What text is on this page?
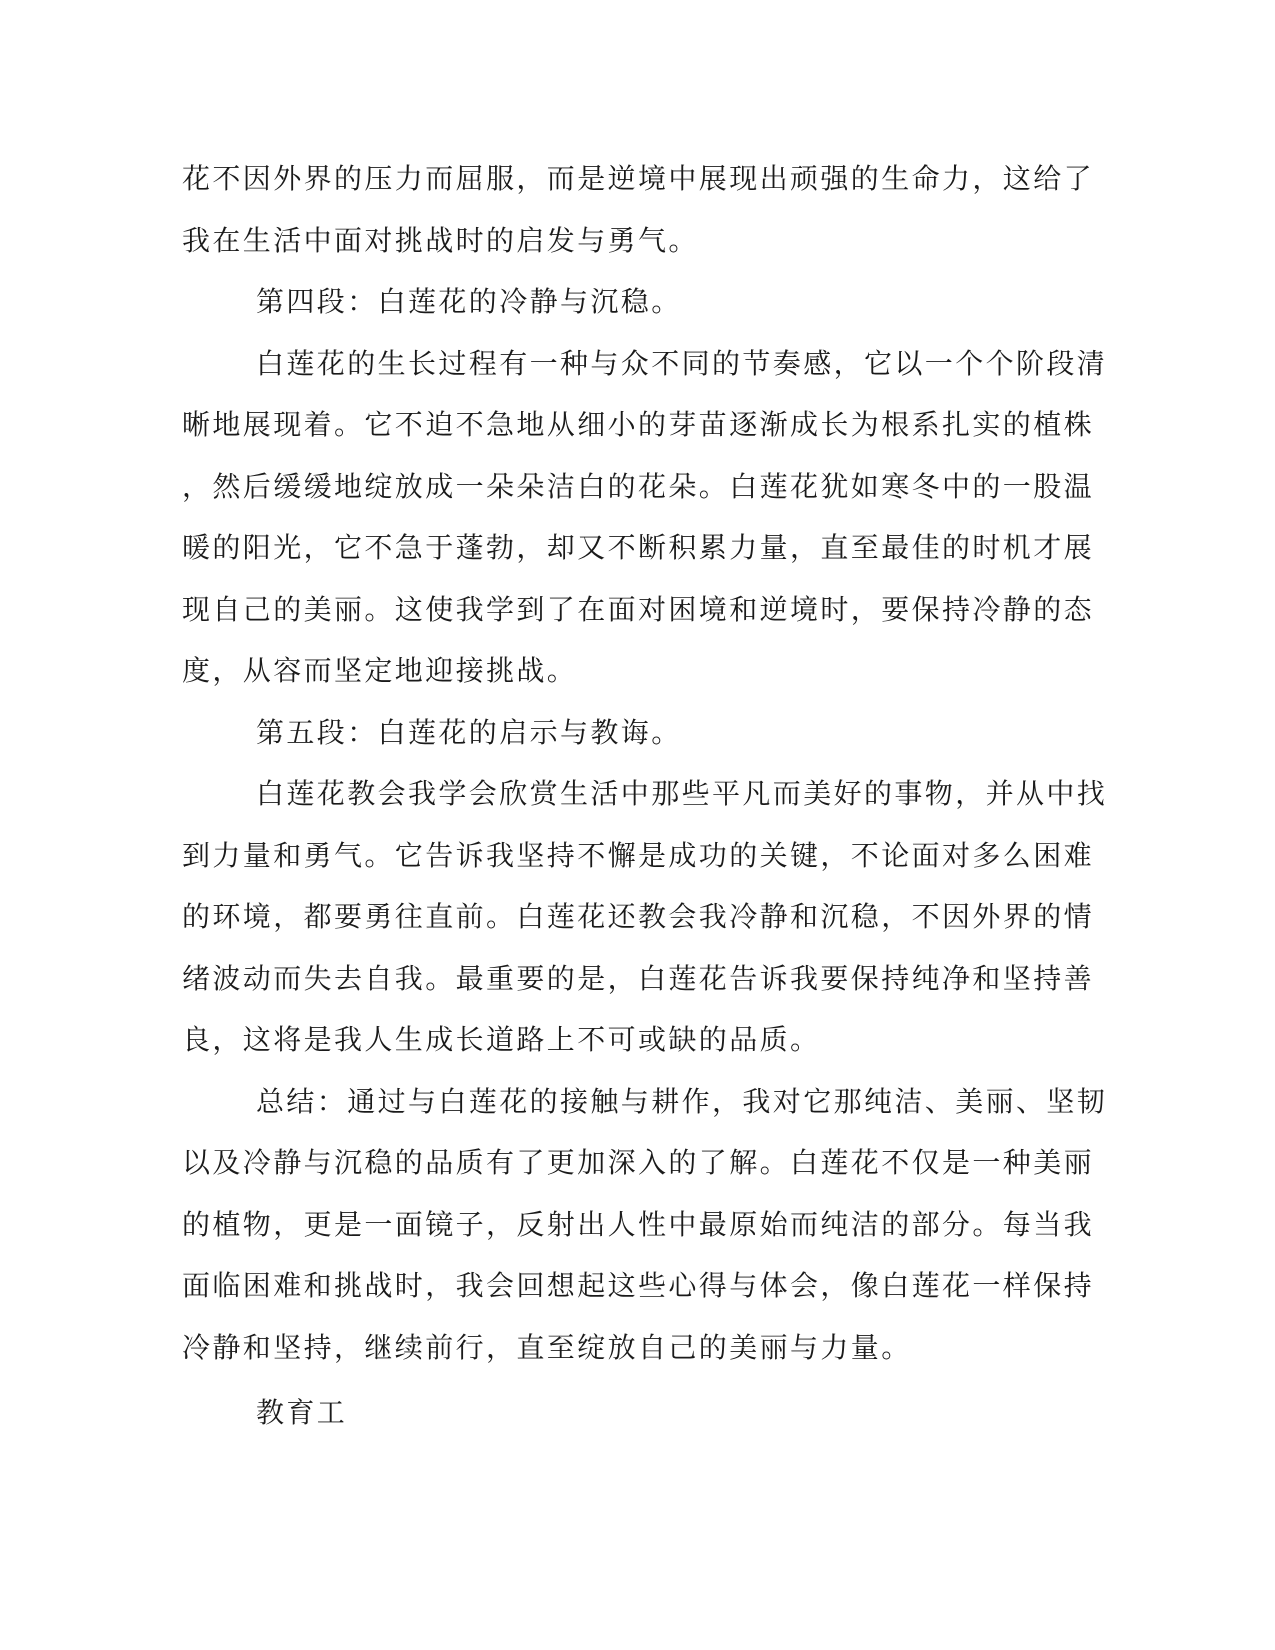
花不因外界的压力而屈服，而是逆境中展现出顽强的生命力，这给了
我在生活中面对挑战时的启发与勇气。
第四段：白莲花的冷静与沉稳。
白莲花的生长过程有一种与众不同的节奏感，它以一个个阶段清
晰地展现着。它不迫不急地从细小的芽苗逐渐成长为根系扎实的植株
，然后缓缓地绽放成一朵朵洁白的花朵。白莲花犹如寒冬中的一股温
暖的阳光，它不急于蓬勃，却又不断积累力量，直至最佳的时机才展
现自己的美丽。这使我学到了在面对困境和逆境时，要保持冷静的态
度，从容而坚定地迎接挑战。
第五段：白莲花的启示与教诲。
白莲花教会我学会欣赏生活中那些平凡而美好的事物，并从中找
到力量和勇气。它告诉我坚持不懈是成功的关键，不论面对多么困难
的环境，都要勇往直前。白莲花还教会我冷静和沉稳，不因外界的情
绪波动而失去自我。最重要的是，白莲花告诉我要保持纯净和坚持善
良，这将是我人生成长道路上不可或缺的品质。
总结：通过与白莲花的接触与耕作，我对它那纯洁、美丽、坚韧
以及冷静与沉稳的品质有了更加深入的了解。白莲花不仅是一种美丽
的植物，更是一面镜子，反射出人性中最原始而纯洁的部分。每当我
面临困难和挑战时，我会回想起这些心得与体会，像白莲花一样保持
冷静和坚持，继续前行，直至绽放自己的美丽与力量。
教育工
